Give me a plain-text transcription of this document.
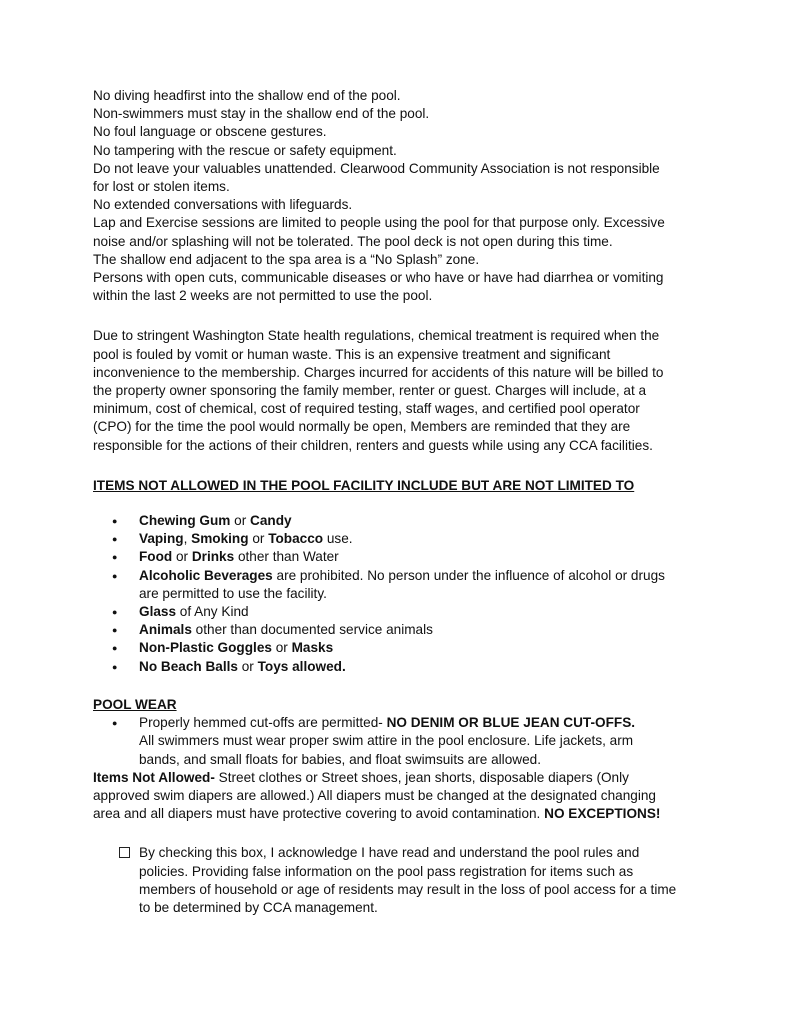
No diving headfirst into the shallow end of the pool.

Non-swimmers must stay in the shallow end of the pool.

No foul language or obscene gestures.

No tampering with the rescue or safety equipment.

Do not leave your valuables unattended. Clearwood Community Association is not responsible

for lost or stolen items.

No extended conversations with lifeguards.

Lap and Exercise sessions are limited to people using the pool for that purpose only. Excessive

noise and/or splashing will not be tolerated. The pool deck is not open during this time.

The shallow end adjacent to the spa area is a “No Splash” zone.

Persons with open cuts, communicable diseases or who have or have had diarrhea or vomiting

within the last 2 weeks are not permitted to use the pool.

Due to stringent Washington State health regulations, chemical treatment is required when the

pool is fouled by vomit or human waste. This is an expensive treatment and significant

inconvenience to the membership. Charges incurred for accidents of this nature will be billed to

the property owner sponsoring the family member, renter or guest. Charges will include, at a

minimum, cost of chemical, cost of required testing, staff wages, and certified pool operator

(CPO) for the time the pool would normally be open, Members are reminded that they are

responsible for the actions of their children, renters and guests while using any CCA facilities.

ITEMS NOT ALLOWED IN THE POOL FACILITY INCLUDE BUT ARE NOT LIMITED TO

● Chewing Gum or Candy
● Vaping, Smoking or Tobacco use.
● Food or Drinks other than Water
● Alcoholic Beverages are prohibited. No person under the influence of alcohol or drugs
are permitted to use the facility.
● Glass of Any Kind
● Animals other than documented service animals
● Non-Plastic Goggles or Masks
● No Beach Balls or Toys allowed.

POOL WEAR

● Properly hemmed cut-offs are permitted- NO DENIM OR BLUE JEAN CUT-OFFS.

All swimmers must wear proper swim attire in the pool enclosure. Life jackets, arm

bands, and small floats for babies, and float swimsuits are allowed.

Items Not Allowed- Street clothes or Street shoes, jean shorts, disposable diapers (Only

approved swim diapers are allowed.) All diapers must be changed at the designated changing

area and all diapers must have protective covering to avoid contamination. NO EXCEPTIONS!

By checking this box, I acknowledge I have read and understand the pool rules and

policies. Providing false information on the pool pass registration for items such as

members of household or age of residents may result in the loss of pool access for a time

to be determined by CCA management.
